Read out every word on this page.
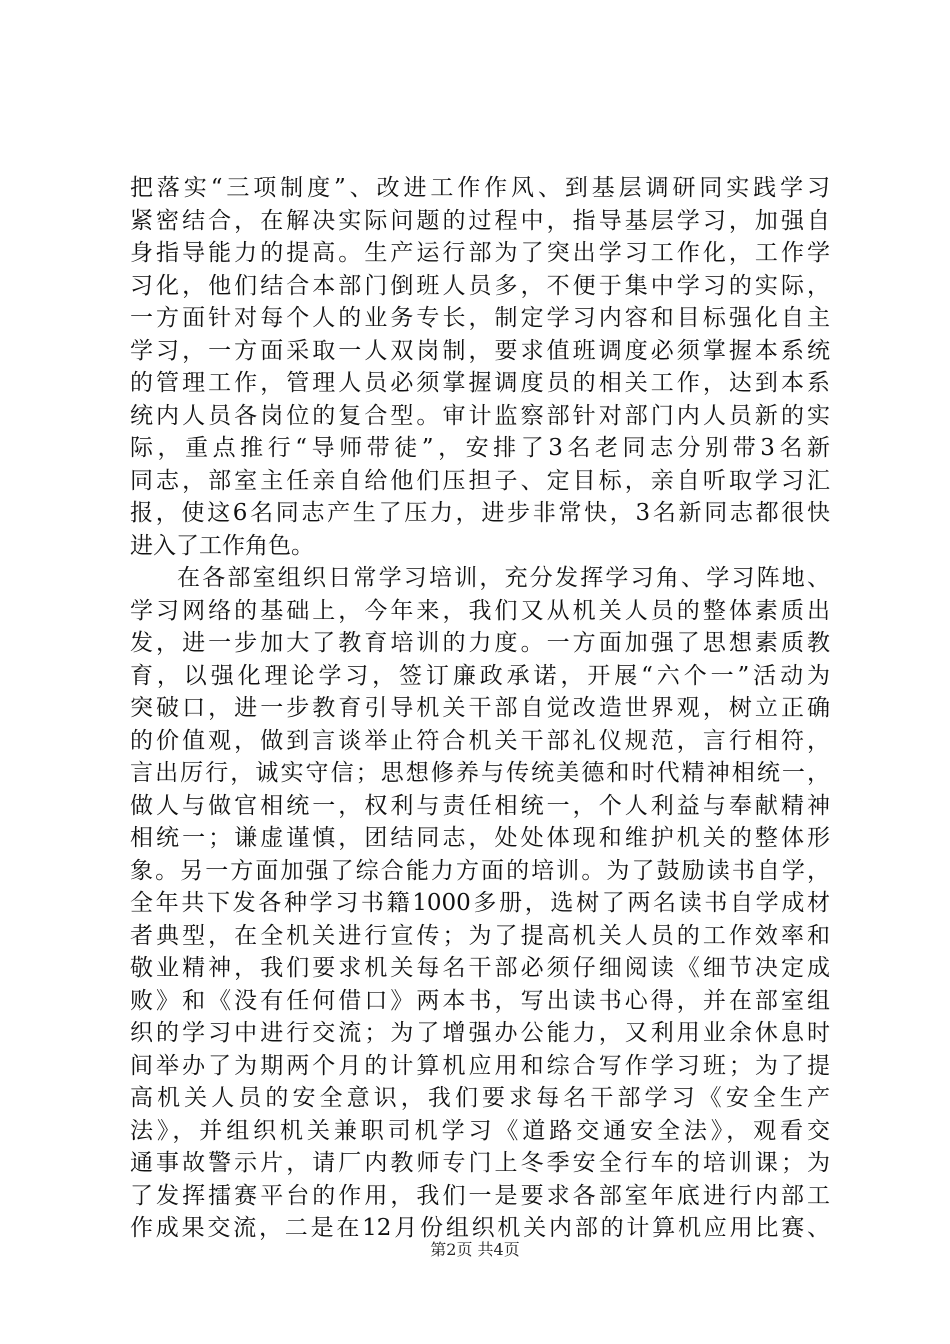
把落实“三项制度”、改进工作作风、到基层调研同实践学习
紧密结合，在解决实际问题的过程中，指导基层学习，加强自
身指导能力的提高。生产运行部为了突出学习工作化，工作学
习化，他们结合本部门倒班人员多，不便于集中学习的实际，
一方面针对每个人的业务专长，制定学习内容和目标强化自主
学习，一方面采取一人双岗制，要求值班调度必须掌握本系统
的管理工作，管理人员必须掌握调度员的相关工作，达到本系
统内人员各岗位的复合型。审计监察部针对部门内人员新的实
际，重点推行“导师带徒”，安排了3名老同志分别带3名新
同志，部室主任亲自给他们压担子、定目标，亲自听取学习汇
报，使这6名同志产生了压力，进步非常快，3名新同志都很快
进入了工作角色。
在各部室组织日常学习培训，充分发挥学习角、学习阵地、
学习网络的基础上，今年来，我们又从机关人员的整体素质出
发，进一步加大了教育培训的力度。一方面加强了思想素质教
育，以强化理论学习，签订廉政承诺，开展“六个一”活动为
突破口，进一步教育引导机关干部自觉改造世界观，树立正确
的价值观，做到言谈举止符合机关干部礼仪规范，言行相符，
言出厉行，诚实守信；思想修养与传统美德和时代精神相统一，
做人与做官相统一，权利与责任相统一，个人利益与奉献精神
相统一；谦虚谨慎，团结同志，处处体现和维护机关的整体形
象。另一方面加强了综合能力方面的培训。为了鼓励读书自学，
全年共下发各种学习书籍1000多册，选树了两名读书自学成材
者典型，在全机关进行宣传；为了提高机关人员的工作效率和
敬业精神，我们要求机关每名干部必须仔细阅读《细节决定成
败》和《没有任何借口》两本书，写出读书心得，并在部室组
织的学习中进行交流；为了增强办公能力，又利用业余休息时
间举办了为期两个月的计算机应用和综合写作学习班；为了提
高机关人员的安全意识，我们要求每名干部学习《安全生产
法》，并组织机关兼职司机学习《道路交通安全法》，观看交
通事故警示片，请厂内教师专门上冬季安全行车的培训课；为
了发挥擂赛平台的作用，我们一是要求各部室年底进行内部工
作成果交流，二是在12月份组织机关内部的计算机应用比赛、
第2页 共4页
